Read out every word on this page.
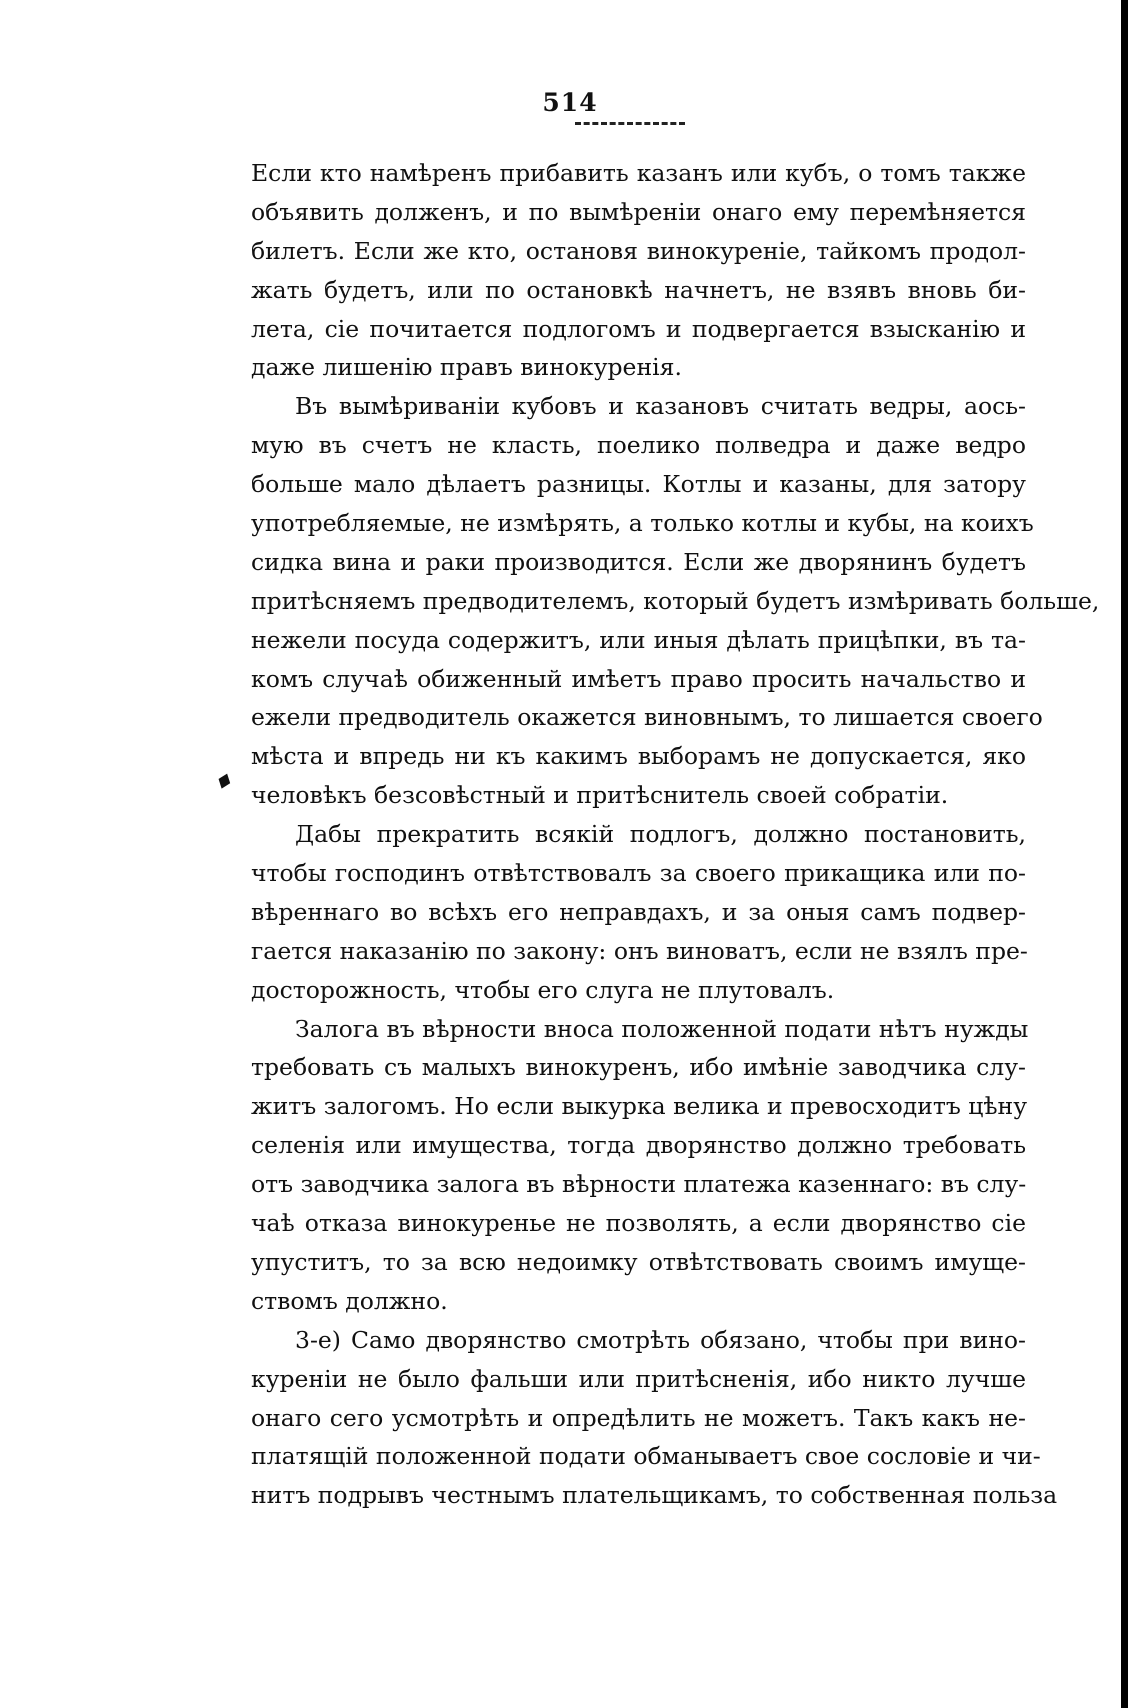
514
♦
Если кто намѣренъ прибавить казанъ или кубъ, о томъ также
объявить долженъ, и по вымѣреніи онаго ему перемѣняется
билетъ. Если же кто, остановя винокуреніе, тайкомъ продол-
жать будетъ, или по остановкѣ начнетъ, не взявъ вновь би-
лета, сіе почитается подлогомъ и подвергается взысканію и
даже лишенію правъ винокуренія.
Въ вымѣриваніи кубовъ и казановъ считать ведры, аось-
мую въ счетъ не класть, поелико полведра и даже ведро
больше мало дѣлаетъ разницы. Котлы и казаны, для затору
употребляемые, не измѣрять, а только котлы и кубы, на коихъ
сидка вина и раки производится. Если же дворянинъ будетъ
притѣсняемъ предводителемъ, который будетъ измѣривать больше,
нежели посуда содержитъ, или иныя дѣлать прицѣпки, въ та-
комъ случаѣ обиженный имѣетъ право просить начальство и
ежели предводитель окажется виновнымъ, то лишается своего
мѣста и впредь ни къ какимъ выборамъ не допускается, яко
человѣкъ безсовѣстный и притѣснитель своей собратіи.
Дабы прекратить всякій подлогъ, должно постановить,
чтобы господинъ отвѣтствовалъ за своего прикащика или по-
вѣреннаго во всѣхъ его неправдахъ, и за оныя самъ подвер-
гается наказанію по закону: онъ виноватъ, если не взялъ пре-
досторожность, чтобы его слуга не плутовалъ.
Залога въ вѣрности вноса положенной подати нѣтъ нужды
требовать съ малыхъ винокуренъ, ибо имѣніе заводчика слу-
житъ залогомъ. Но если выкурка велика и превосходитъ цѣну
селенія или имущества, тогда дворянство должно требовать
отъ заводчика залога въ вѣрности платежа казеннаго: въ слу-
чаѣ отказа винокуренье не позволять, а если дворянство сіе
упуститъ, то за всю недоимку отвѣтствовать своимъ имуще-
ствомъ должно.
3-е) Само дворянство смотрѣть обязано, чтобы при вино-
куреніи не было фальши или притѣсненія, ибо никто лучше
онаго сего усмотрѣть и опредѣлить не можетъ. Такъ какъ не-
платящій положенной подати обманываетъ свое сословіе и чи-
нитъ подрывъ честнымъ плательщикамъ, то собственная польза
